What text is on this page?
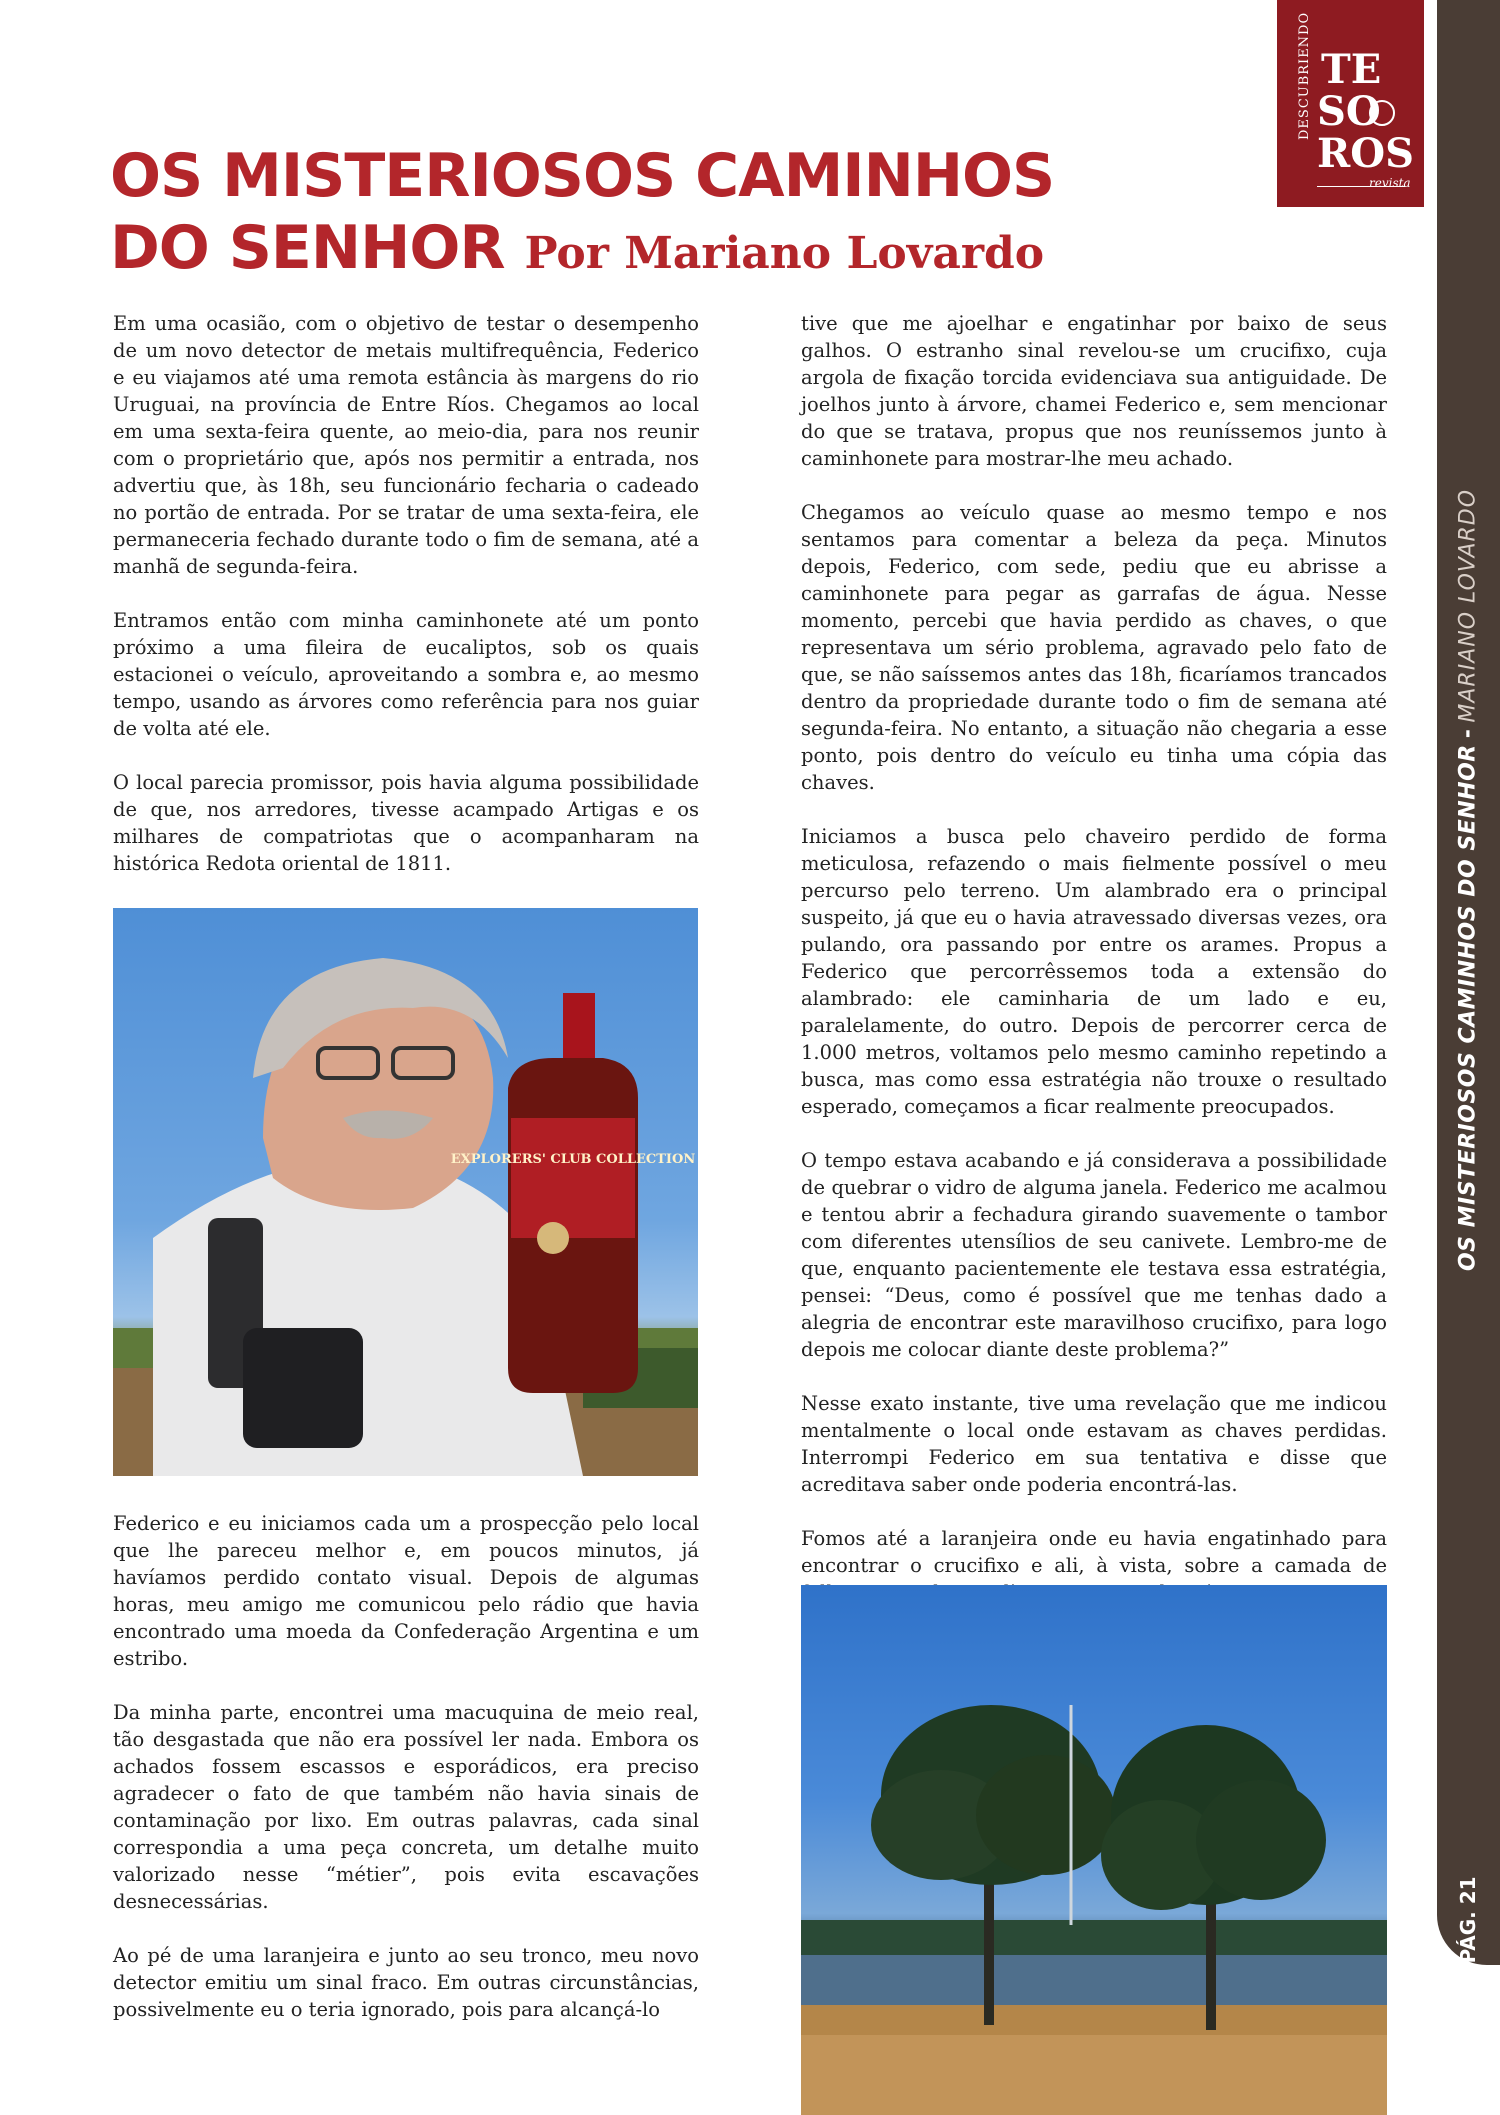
OS MISTERIOSOS CAMINHOS DO SENHOR-MARIANO LOVARDO
PÁG. 21
DESCUBRIENDO TE
SO
ROS
revista
OS MISTERIOSOS CAMINHOS
DO SENHOR Por Mariano Lovardo

Em uma ocasião, com o objetivo de testar o desempenho de um novo detector de metais multifrequência, Federico e eu viajamos até uma remota estância às margens do rio Uruguai, na província de Entre Ríos. Chegamos ao local em uma sexta-feira quente, ao meio-dia, para nos reunir com o proprietário que, após nos permitir a entrada, nos advertiu que, às 18h, seu funcionário fecharia o cadeado no portão de entrada. Por se tratar de uma sexta-feira, ele permaneceria fechado durante todo o fim de semana, até a manhã de segunda-feira.

Entramos então com minha caminhonete até um ponto próximo a uma fileira de eucaliptos, sob os quais estacionei o veículo, aproveitando a sombra e, ao mesmo tempo, usando as árvores como referência para nos guiar de volta até ele.

O local parecia promissor, pois havia alguma possibilidade de que, nos arredores, tivesse acampado Artigas e os milhares de compatriotas que o acompanharam na histórica Redota oriental de 1811.

EXPLORERS' CLUB COLLECTION

Federico e eu iniciamos cada um a prospecção pelo local que lhe pareceu melhor e, em poucos minutos, já havíamos perdido contato visual. Depois de algumas horas, meu amigo me comunicou pelo rádio que havia encontrado uma moeda da Confederação Argentina e um estribo.

Da minha parte, encontrei uma macuquina de meio real, tão desgastada que não era possível ler nada. Embora os achados fossem escassos e esporádicos, era preciso agradecer o fato de que também não havia sinais de contaminação por lixo. Em outras palavras, cada sinal correspondia a uma peça concreta, um detalhe muito valorizado nesse “métier”, pois evita escavações desnecessárias.

Ao pé de uma laranjeira e junto ao seu tronco, meu novo detector emitiu um sinal fraco. Em outras circunstâncias, possivelmente eu o teria ignorado, pois para alcançá-lo

tive que me ajoelhar e engatinhar por baixo de seus galhos. O estranho sinal revelou-se um crucifixo, cuja argola de fixação torcida evidenciava sua antiguidade. De joelhos junto à árvore, chamei Federico e, sem mencionar do que se tratava, propus que nos reuníssemos junto à caminhonete para mostrar-lhe meu achado.

Chegamos ao veículo quase ao mesmo tempo e nos sentamos para comentar a beleza da peça. Minutos depois, Federico, com sede, pediu que eu abrisse a caminhonete para pegar as garrafas de água. Nesse momento, percebi que havia perdido as chaves, o que representava um sério problema, agravado pelo fato de que, se não saíssemos antes das 18h, ficaríamos trancados dentro da propriedade durante todo o fim de semana até segunda-feira. No entanto, a situação não chegaria a esse ponto, pois dentro do veículo eu tinha uma cópia das chaves.

Iniciamos a busca pelo chaveiro perdido de forma meticulosa, refazendo o mais fielmente possível o meu percurso pelo terreno. Um alambrado era o principal suspeito, já que eu o havia atravessado diversas vezes, ora pulando, ora passando por entre os arames. Propus a Federico que percorrêssemos toda a extensão do alambrado: ele caminharia de um lado e eu, paralelamente, do outro. Depois de percorrer cerca de 1.000 metros, voltamos pelo mesmo caminho repetindo a busca, mas como essa estratégia não trouxe o resultado esperado, começamos a ficar realmente preocupados.

O tempo estava acabando e já considerava a possibilidade de quebrar o vidro de alguma janela. Federico me acalmou e tentou abrir a fechadura girando suavemente o tambor com diferentes utensílios de seu canivete. Lembro-me de que, enquanto pacientemente ele testava essa estratégia, pensei: “Deus, como é possível que me tenhas dado a alegria de encontrar este maravilhoso crucifixo, para logo depois me colocar diante deste problema?”

Nesse exato instante, tive uma revelação que me indicou mentalmente o local onde estavam as chaves perdidas. Interrompi Federico em sua tentativa e disse que acreditava saber onde poderia encontrá-las.

Fomos até a laranjeira onde eu havia engatinhado para encontrar o crucifixo e ali, à vista, sobre a camada de
